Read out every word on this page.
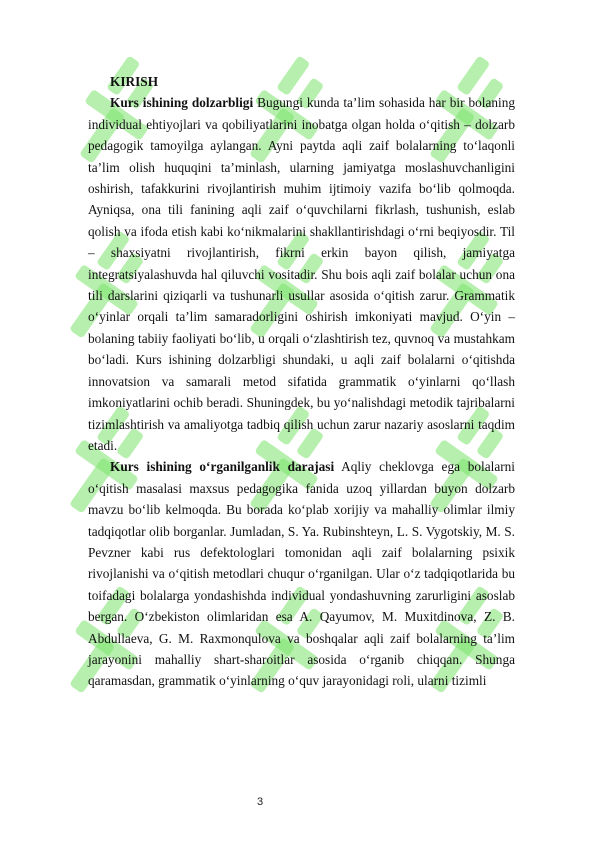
KIRISH

Kurs ishining dolzarbligi Bugungi kunda ta’lim sohasida har bir bolaning individual ehtiyojlari va qobiliyatlarini inobatga olgan holda o‘qitish – dolzarb pedagogik tamoyilga aylangan. Ayni paytda aqli zaif bolalarning to‘laqonli ta’lim olish huquqini ta’minlash, ularning jamiyatga moslashuvchanligini oshirish, tafakkurini rivojlantirish muhim ijtimoiy vazifa bo‘lib qolmoqda. Ayniqsa, ona tili fanining aqli zaif o‘quvchilarni fikrlash, tushunish, eslab qolish va ifoda etish kabi ko‘nikmalarini shakllantirishdagi o‘rni beqiyosdir. Til – shaxsiyatni rivojlantirish, fikrni erkin bayon qilish, jamiyatga integratsiyalashuvda hal qiluvchi vositadir. Shu bois aqli zaif bolalar uchun ona tili darslarini qiziqarli va tushunarli usullar asosida o‘qitish zarur. Grammatik o‘yinlar orqali ta’lim samaradorligini oshirish imkoniyati mavjud. O‘yin – bolaning tabiiy faoliyati bo‘lib, u orqali o‘zlashtirish tez, quvnoq va mustahkam bo‘ladi. Kurs ishining dolzarbligi shundaki, u aqli zaif bolalarni o‘qitishda innovatsion va samarali metod sifatida grammatik o‘yinlarni qo‘llash imkoniyatlarini ochib beradi. Shuningdek, bu yo‘nalishdagi metodik tajribalarni tizimlashtirish va amaliyotga tadbiq qilish uchun zarur nazariy asoslarni taqdim etadi.

Kurs ishining o‘rganilganlik darajasi Aqliy cheklovga ega bolalarni o‘qitish masalasi maxsus pedagogika fanida uzoq yillardan buyon dolzarb mavzu bo‘lib kelmoqda. Bu borada ko‘plab xorijiy va mahalliy olimlar ilmiy tadqiqotlar olib borganlar. Jumladan, S. Ya. Rubinshteyn, L. S. Vygotskiy, M. S. Pevzner kabi rus defektologlari tomonidan aqli zaif bolalarning psixik rivojlanishi va o‘qitish metodlari chuqur o‘rganilgan. Ular o‘z tadqiqotlarida bu toifadagi bolalarga yondashishda individual yondashuvning zarurligini asoslab bergan. O‘zbekiston olimlaridan esa A. Qayumov, M. Muxitdinova, Z. B. Abdullaeva, G. M. Raxmonqulova va boshqalar aqli zaif bolalarning ta’lim jarayonini mahalliy shart-sharoitlar asosida o‘rganib chiqqan. Shunga qaramasdan, grammatik o‘yinlarning o‘quv jarayonidagi roli, ularni tizimli

3
